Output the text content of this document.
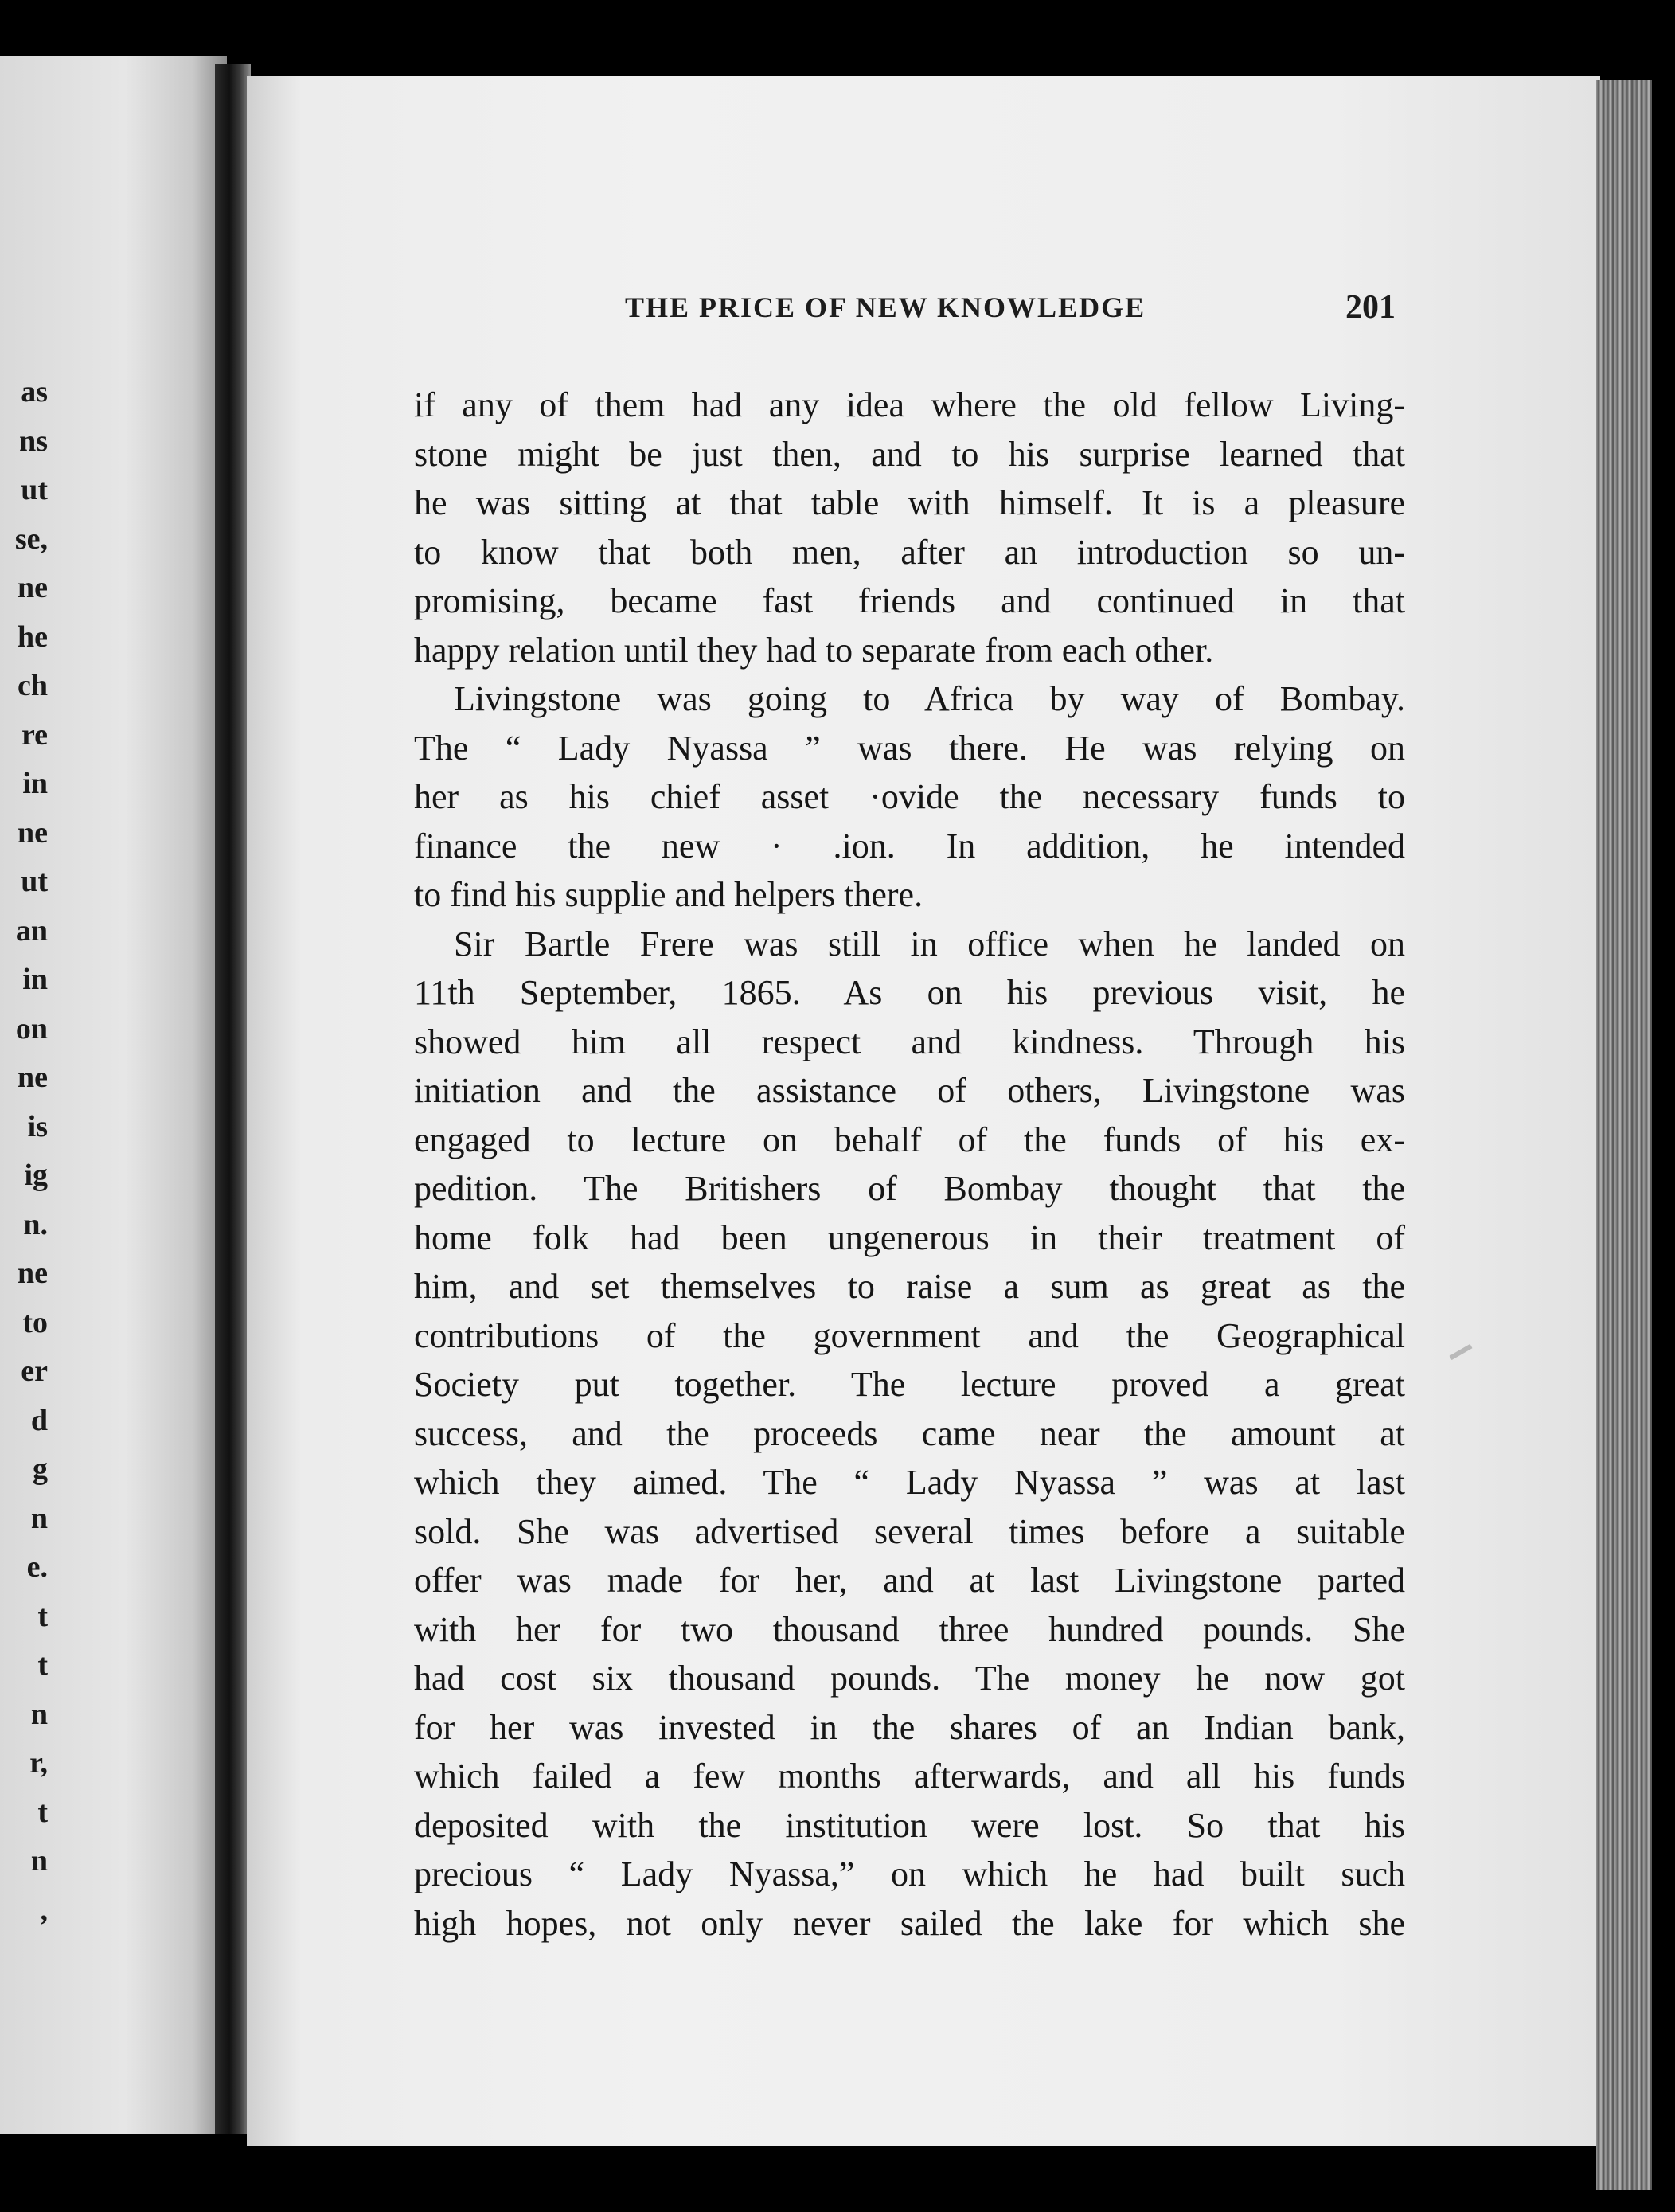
as
ns
ut
se,
ne
he
ch
re
in
ne
ut
an
in
on
ne
is
ig
n.
ne
to
er
d
g
n
e.
t
t
n
r,
t
n
,
THE PRICE OF NEW KNOWLEDGE	201
if any of them had any idea where the old fellow Living-
stone might be just then, and to his surprise learned that
he was sitting at that table with himself. It is a pleasure
to know that both men, after an introduction so un-
promising, became fast friends and continued in that
happy relation until they had to separate from each other.
Livingstone was going to Africa by way of Bombay.
The “ Lady Nyassa ” was there. He was relying on
her as his chief asset ·ovide the necessary funds to
finance the new · .ion. In addition, he intended
to find his supplie and helpers there.
Sir Bartle Frere was still in office when he landed on
11th September, 1865. As on his previous visit, he
showed him all respect and kindness. Through his
initiation and the assistance of others, Livingstone was
engaged to lecture on behalf of the funds of his ex-
pedition. The Britishers of Bombay thought that the
home folk had been ungenerous in their treatment of
him, and set themselves to raise a sum as great as the
contributions of the government and the Geographical
Society put together. The lecture proved a great
success, and the proceeds came near the amount at
which they aimed. The “ Lady Nyassa ” was at last
sold. She was advertised several times before a suitable
offer was made for her, and at last Livingstone parted
with her for two thousand three hundred pounds. She
had cost six thousand pounds. The money he now got
for her was invested in the shares of an Indian bank,
which failed a few months afterwards, and all his funds
deposited with the institution were lost. So that his
precious “ Lady Nyassa,” on which he had built such
high hopes, not only never sailed the lake for which she
